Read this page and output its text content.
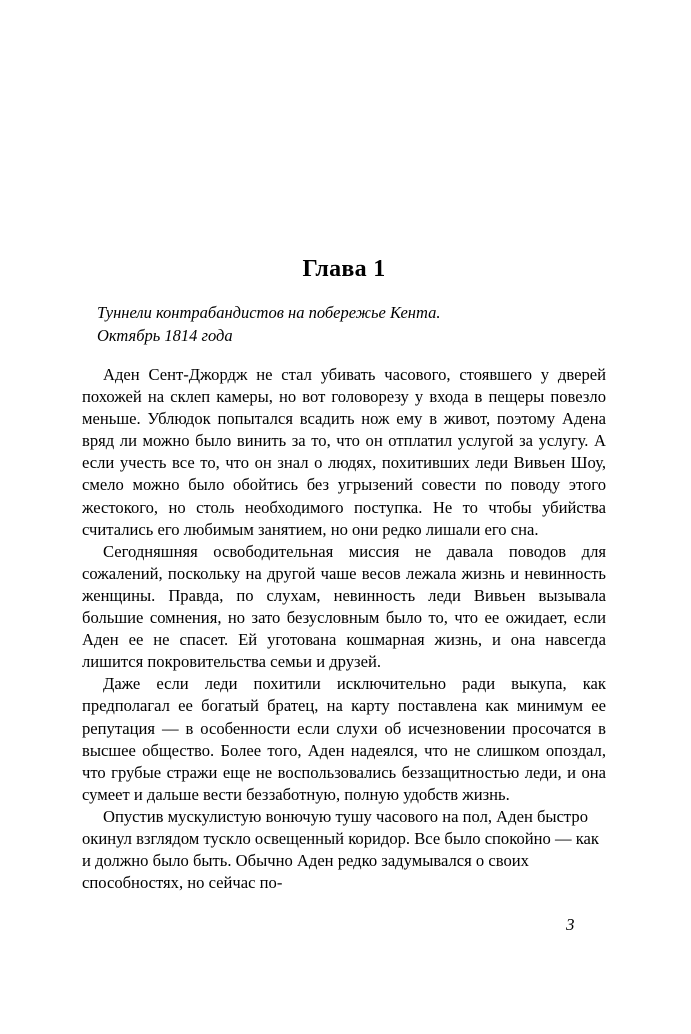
Глава 1
Туннели контрабандистов на побережье Кента.
Октябрь 1814 года

Аден Сент-Джордж не стал убивать часового, стоявшего у дверей похожей на склеп камеры, но вот головорезу у входа в пещеры повезло меньше. Ублюдок попытался всадить нож ему в живот, поэтому Адена вряд ли можно было винить за то, что он отплатил услугой за услугу. А если учесть все то, что он знал о людях, похитивших леди Вивьен Шоу, смело можно было обойтись без угрызений совести по поводу этого жестокого, но столь необходимого поступка. Не то чтобы убийства считались его любимым занятием, но они редко лишали его сна.

Сегодняшняя освободительная миссия не давала поводов для сожалений, поскольку на другой чаше весов лежала жизнь и невинность женщины. Правда, по слухам, невинность леди Вивьен вызывала большие сомнения, но зато безусловным было то, что ее ожидает, если Аден ее не спасет. Ей уготована кошмарная жизнь, и она навсегда лишится покровительства семьи и друзей.

Даже если леди похитили исключительно ради выкупа, как предполагал ее богатый братец, на карту поставлена как минимум ее репутация — в особенности если слухи об исчезновении просочатся в высшее общество. Более того, Аден надеялся, что не слишком опоздал, что грубые стражи еще не воспользовались беззащитностью леди, и она сумеет и дальше вести беззаботную, полную удобств жизнь.

Опустив мускулистую вонючую тушу часового на пол, Аден быстро окинул взглядом тускло освещенный коридор. Все было спокойно — как и должно было быть. Обычно Аден редко задумывался о своих способностях, но сейчас по-

3
